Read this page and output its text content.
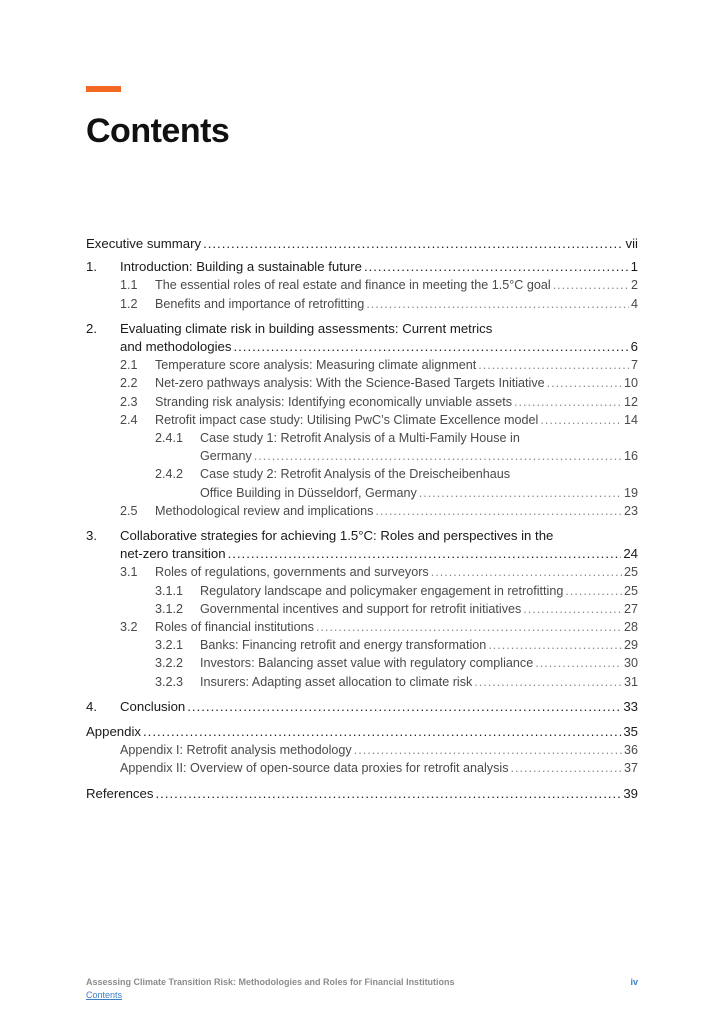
Contents
Executive summary .....	vii
1.	Introduction: Building a sustainable future .....	1
1.1	The essential roles of real estate and finance in meeting the 1.5°C goal .....	2
1.2	Benefits and importance of retrofitting .....	4
2.	Evaluating climate risk in building assessments: Current metrics
and methodologies .....	6
2.1	Temperature score analysis: Measuring climate alignment .....	7
2.2	Net-zero pathways analysis: With the Science-Based Targets Initiative .....	10
2.3	Stranding risk analysis: Identifying economically unviable assets .....	12
2.4	Retrofit impact case study: Utilising PwC’s Climate Excellence model .....	14
2.4.1	Case study 1: Retrofit Analysis of a Multi-Family House in
Germany .....	16
2.4.2	Case study 2: Retrofit Analysis of the Dreischeibenhaus
Office Building in Düsseldorf, Germany .....	19
2.5	Methodological review and implications .....	23
3.	Collaborative strategies for achieving 1.5°C: Roles and perspectives in the
net-zero transition .....	24
3.1	Roles of regulations, governments and surveyors .....	25
3.1.1	Regulatory landscape and policymaker engagement in retrofitting .....	25
3.1.2	Governmental incentives and support for retrofit initiatives .....	27
3.2	Roles of financial institutions .....	28
3.2.1	Banks: Financing retrofit and energy transformation .....	29
3.2.2	Investors: Balancing asset value with regulatory compliance .....	30
3.2.3	Insurers: Adapting asset allocation to climate risk .....	31
4.	Conclusion .....	33
Appendix .....	35
Appendix I: Retrofit analysis methodology .....	36
Appendix II: Overview of open-source data proxies for retrofit analysis .....	37
References .....	39
Assessing Climate Transition Risk: Methodologies and Roles for Financial Institutions	iv
Contents
